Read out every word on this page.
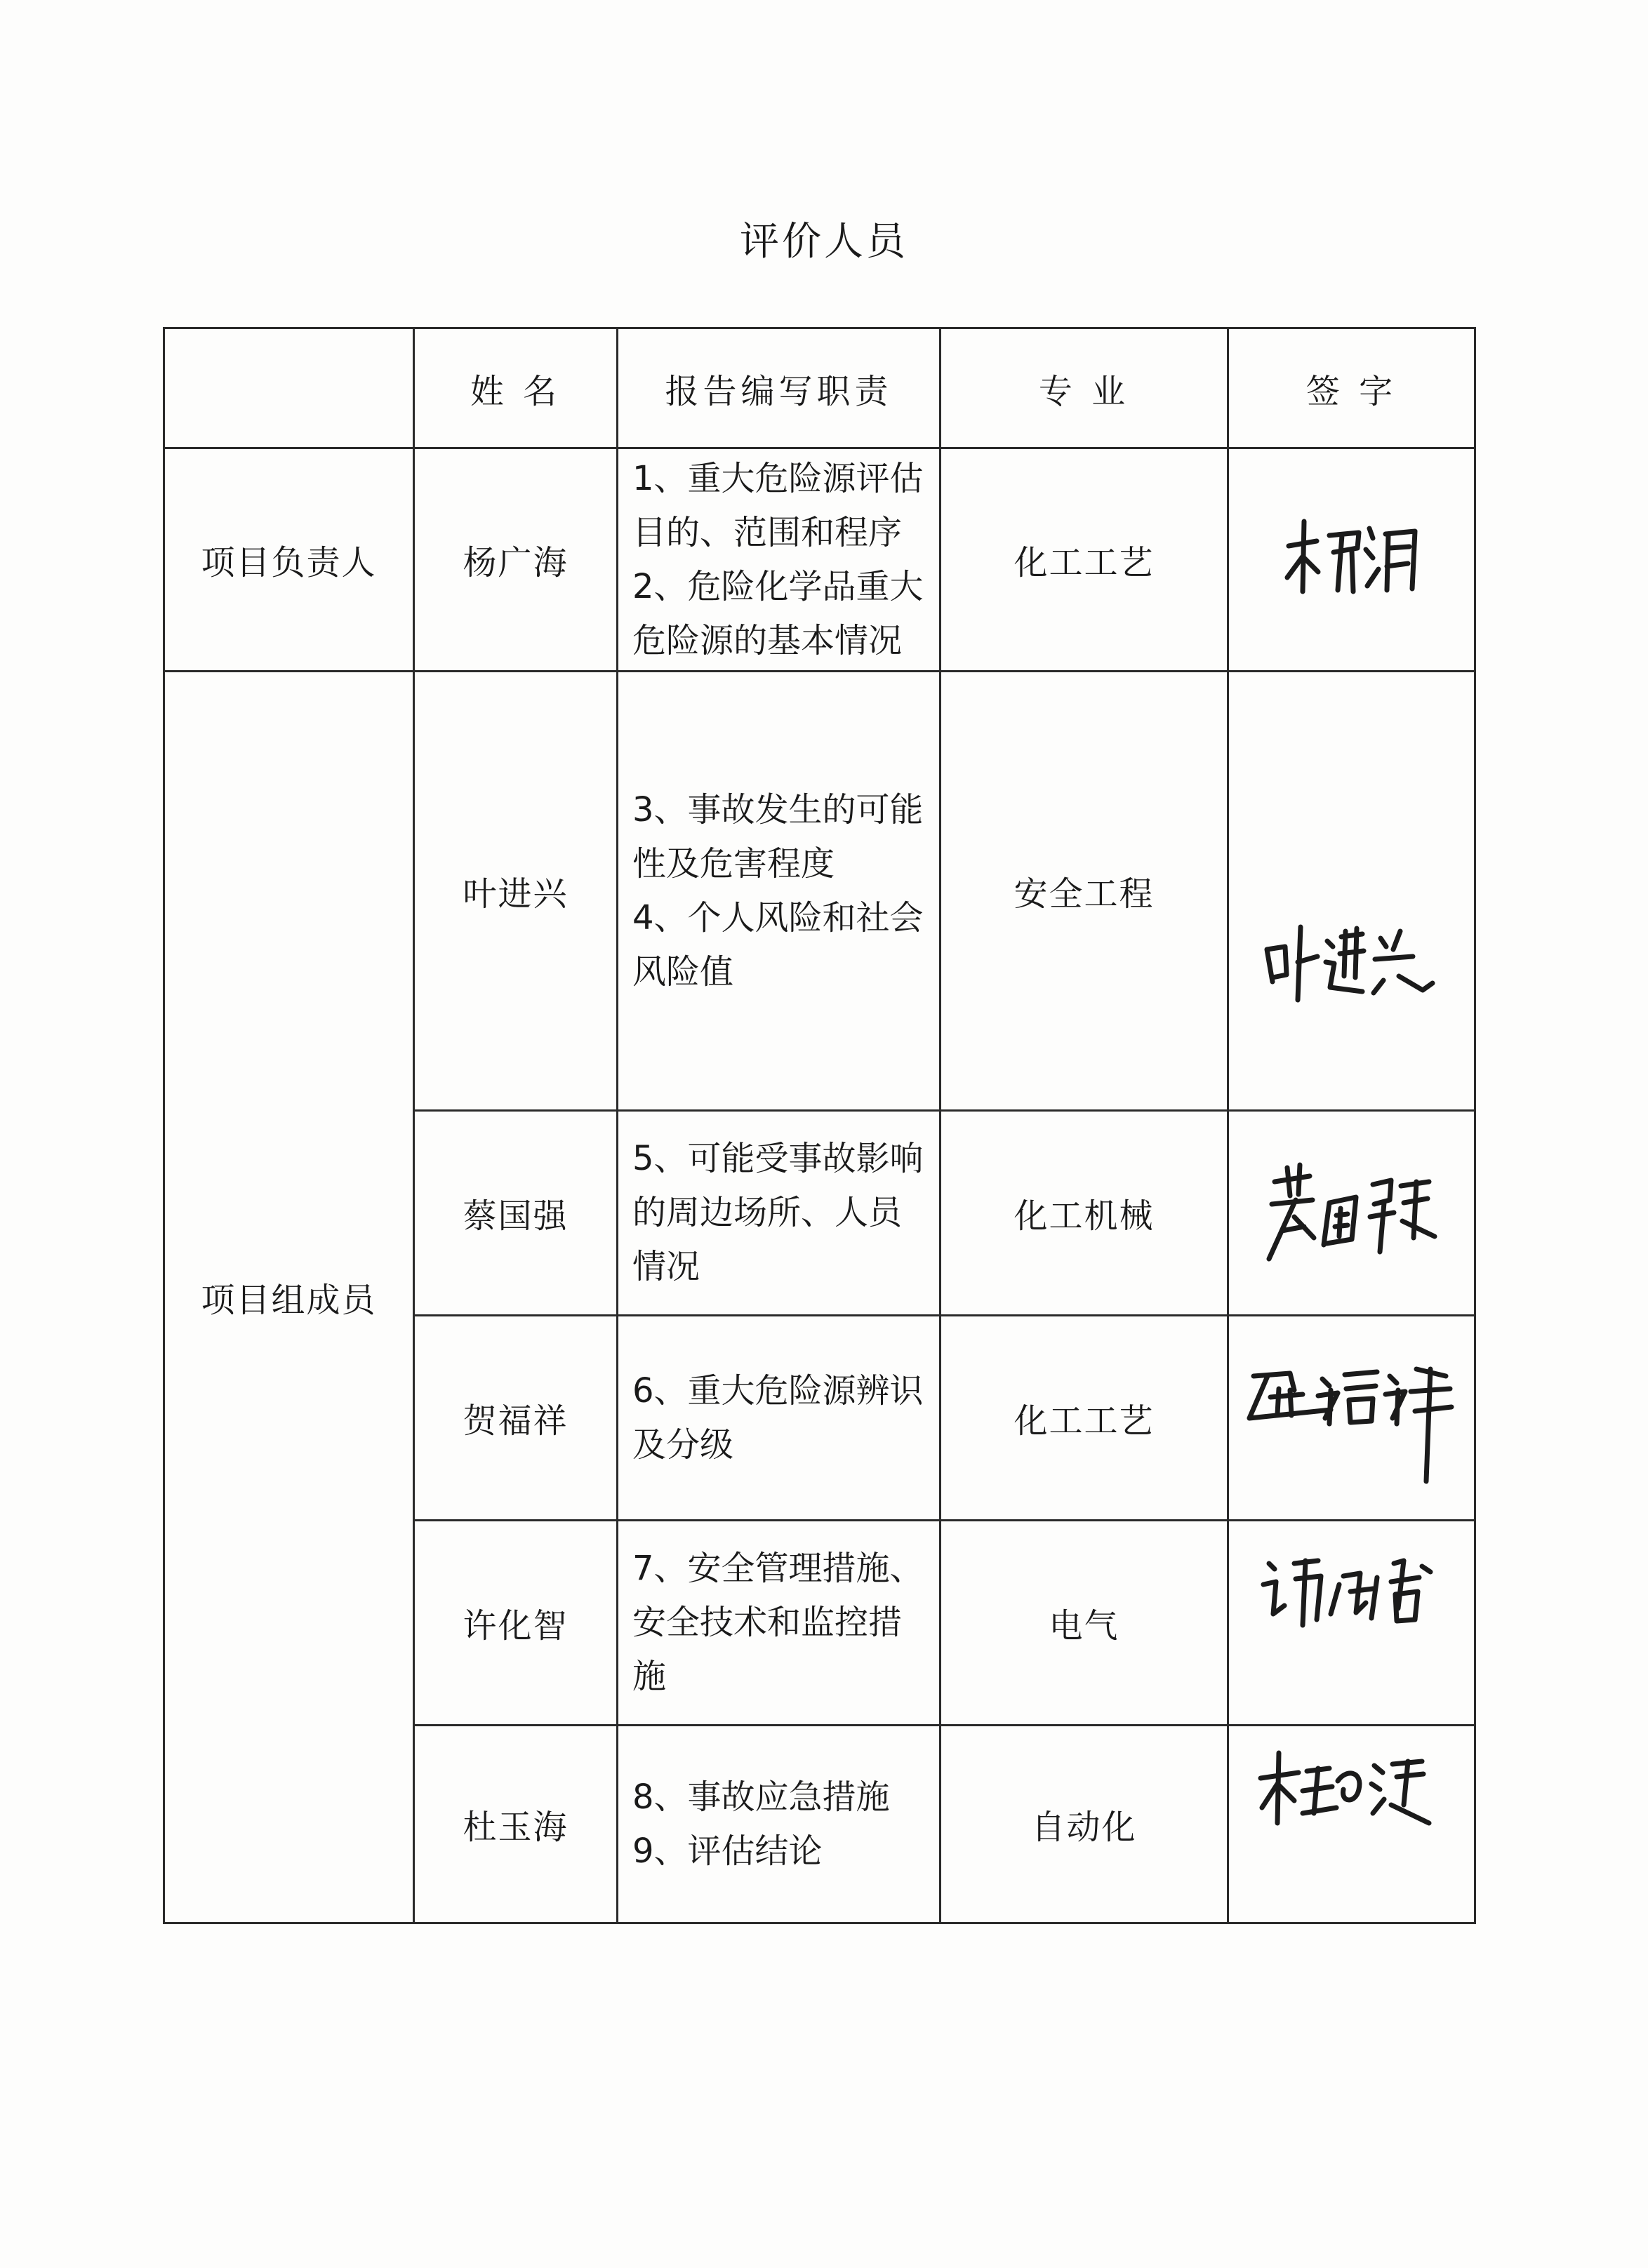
评价人员
	姓 名	报告编写职责	专 业	签 字
项目负责人	杨广海	1、重大危险源评估
目的、范围和程序
2、危险化学品重大
危险源的基本情况	化工工艺	

项目组成员	叶进兴	3、事故发生的可能
性及危害程度
4、个人风险和社会
风险值	安全工程	

	蔡国强	5、可能受事故影响
的周边场所、人员
情况	化工机械	

	贺福祥	6、重大危险源辨识
及分级	化工工艺	

	许化智	7、安全管理措施、
安全技术和监控措
施	电气	

	杜玉海	8、事故应急措施
9、评估结论	自动化	
